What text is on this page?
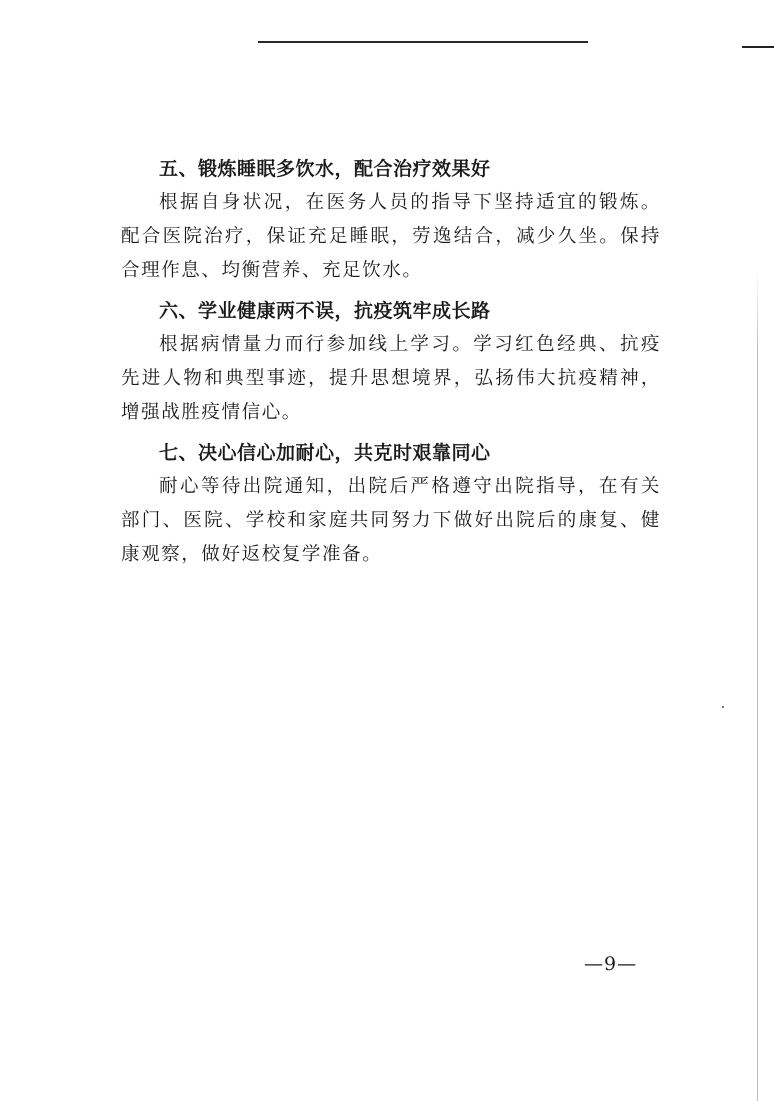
五、锻炼睡眠多饮水，配合治疗效果好

根据自身状况，在医务人员的指导下坚持适宜的锻炼。配合医院治疗，保证充足睡眠，劳逸结合，减少久坐。保持合理作息、均衡营养、充足饮水。

六、学业健康两不误，抗疫筑牢成长路

根据病情量力而行参加线上学习。学习红色经典、抗疫先进人物和典型事迹，提升思想境界，弘扬伟大抗疫精神，增强战胜疫情信心。

七、决心信心加耐心，共克时艰靠同心

耐心等待出院通知，出院后严格遵守出院指导，在有关部门、医院、学校和家庭共同努力下做好出院后的康复、健康观察，做好返校复学准备。

—9—
